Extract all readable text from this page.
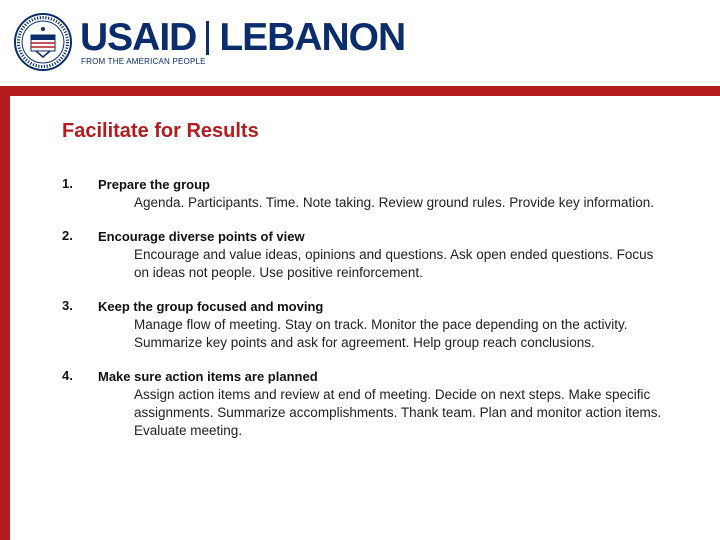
USAID LEBANON
FROM THE AMERICAN PEOPLE
Facilitate for Results
1. Prepare the group
Agenda. Participants. Time. Note taking. Review ground rules. Provide key information.
2. Encourage diverse points of view
Encourage and value ideas, opinions and questions. Ask open ended questions. Focus on ideas not people. Use positive reinforcement.
3. Keep the group focused and moving
Manage flow of meeting. Stay on track. Monitor the pace depending on the activity. Summarize key points and ask for agreement. Help group reach conclusions.
4. Make sure action items are planned
Assign action items and review at end of meeting. Decide on next steps. Make specific assignments. Summarize accomplishments. Thank team. Plan and monitor action items. Evaluate meeting.
